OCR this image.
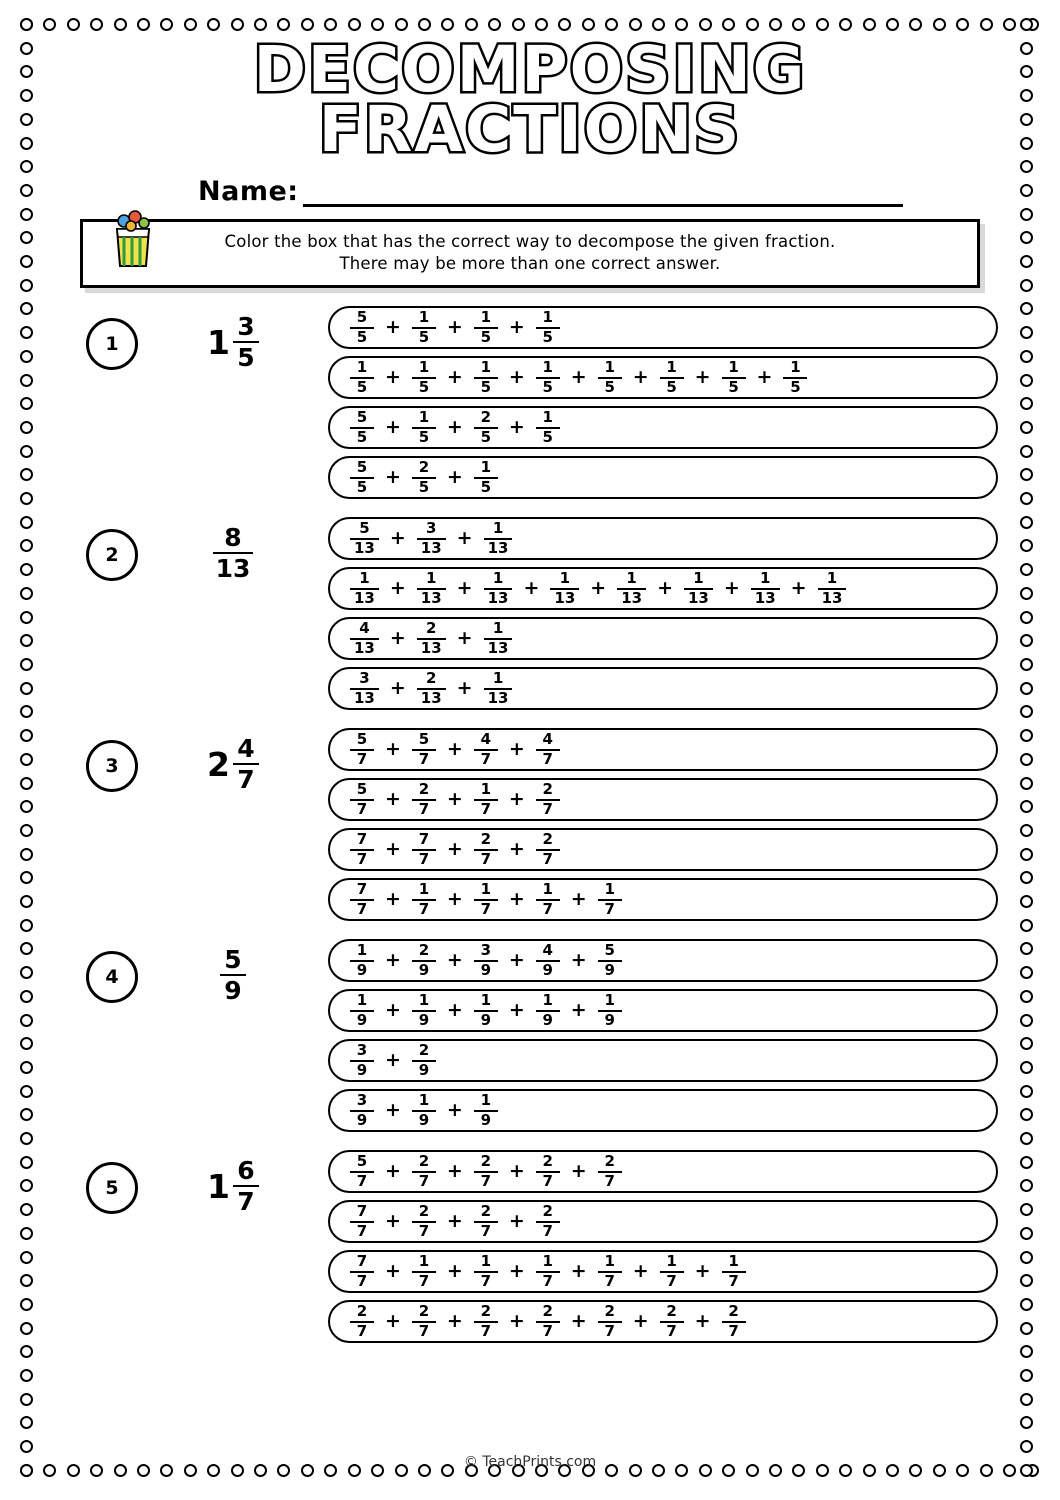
DECOMPOSING
FRACTIONS
Name:
Color the box that has the correct way to decompose the given fraction.
There may be more than one correct answer.
1	$1 \frac{3}{5}$	$\frac{5}{5} + \frac{1}{5} + \frac{1}{5} + \frac{1}{5}$
$\frac{1}{5} + \frac{1}{5} + \frac{1}{5} + \frac{1}{5} + \frac{1}{5} + \frac{1}{5} + \frac{1}{5} + \frac{1}{5}$
$\frac{5}{5} + \frac{1}{5} + \frac{2}{5} + \frac{1}{5}$
$\frac{5}{5} + \frac{2}{5} + \frac{1}{5}$
2	$\frac{8}{13}$	$\frac{5}{13} + \frac{3}{13} + \frac{1}{13}$
$\frac{1}{13} + \frac{1}{13} + \frac{1}{13} + \frac{1}{13} + \frac{1}{13} + \frac{1}{13} + \frac{1}{13} + \frac{1}{13}$
$\frac{4}{13} + \frac{2}{13} + \frac{1}{13}$
$\frac{3}{13} + \frac{2}{13} + \frac{1}{13}$
3	$2 \frac{4}{7}$	$\frac{5}{7} + \frac{5}{7} + \frac{4}{7} + \frac{4}{7}$
$\frac{5}{7} + \frac{2}{7} + \frac{1}{7} + \frac{2}{7}$
$\frac{7}{7} + \frac{7}{7} + \frac{2}{7} + \frac{2}{7}$
$\frac{7}{7} + \frac{1}{7} + \frac{1}{7} + \frac{1}{7} + \frac{1}{7}$
4	$\frac{5}{9}$	$\frac{1}{9} + \frac{2}{9} + \frac{3}{9} + \frac{4}{9} + \frac{5}{9}$
$\frac{1}{9} + \frac{1}{9} + \frac{1}{9} + \frac{1}{9} + \frac{1}{9}$
$\frac{3}{9} + \frac{2}{9}$
$\frac{3}{9} + \frac{1}{9} + \frac{1}{9}$
5	$1 \frac{6}{7}$	$\frac{5}{7} + \frac{2}{7} + \frac{2}{7} + \frac{2}{7} + \frac{2}{7}$
$\frac{7}{7} + \frac{2}{7} + \frac{2}{7} + \frac{2}{7}$
$\frac{7}{7} + \frac{1}{7} + \frac{1}{7} + \frac{1}{7} + \frac{1}{7} + \frac{1}{7} + \frac{1}{7}$
$\frac{2}{7} + \frac{2}{7} + \frac{2}{7} + \frac{2}{7} + \frac{2}{7} + \frac{2}{7} + \frac{2}{7}$
© TeachPrints.com
